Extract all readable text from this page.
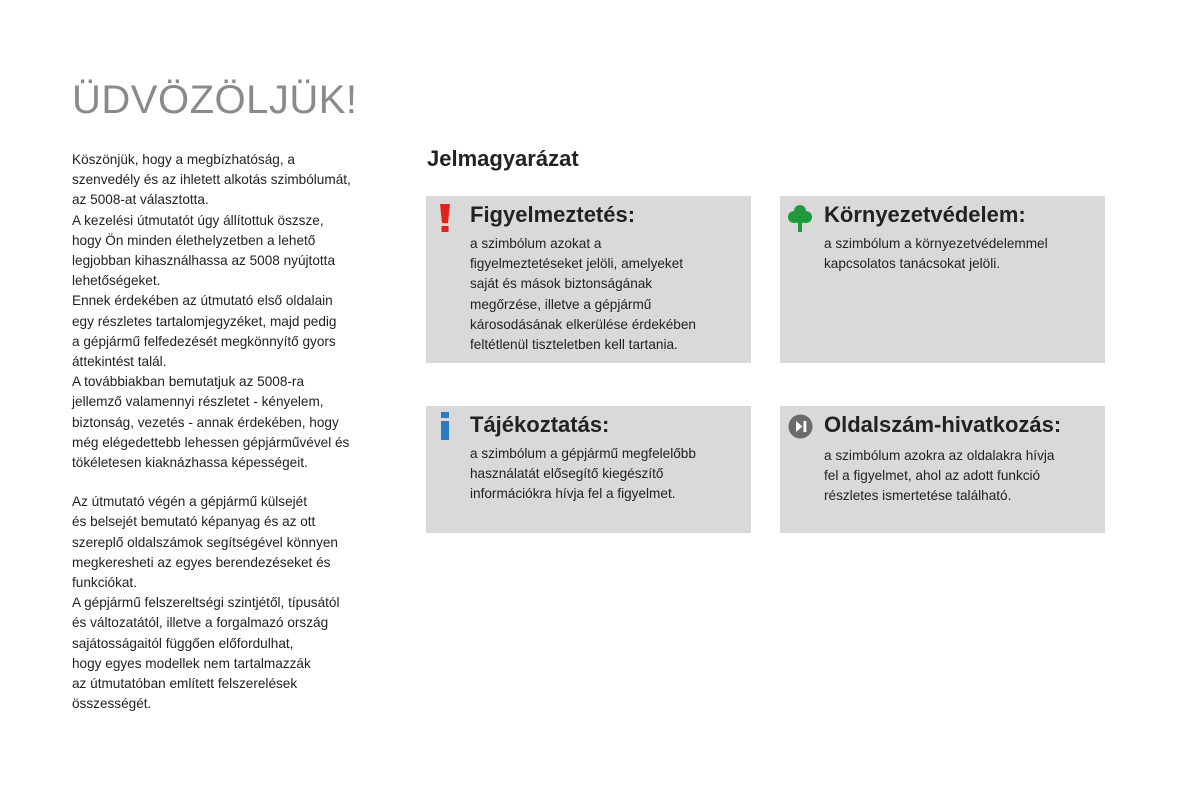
ÜDVÖZÖLJÜK!

Köszönjük, hogy a megbízhatóság, a
szenvedély és az ihletett alkotás szimbólumát,
az 5008-at választotta.
A kezelési útmutatót úgy állítottuk öszsze,
hogy Ön minden élethelyzetben a lehető
legjobban kihasználhassa az 5008 nyújtotta
lehetőségeket.
Ennek érdekében az útmutató első oldalain
egy részletes tartalomjegyzéket, majd pedig
a gépjármű felfedezését megkönnyítő gyors
áttekintést talál.
A továbbiakban bemutatjuk az 5008-ra
jellemző valamennyi részletet - kényelem,
biztonság, vezetés - annak érdekében, hogy
még elégedettebb lehessen gépjárművével és
tökéletesen kiaknázhassa képességeit.

Az útmutató végén a gépjármű külsejét
és belsejét bemutató képanyag és az ott
szereplő oldalszámok segítségével könnyen
megkeresheti az egyes berendezéseket és
funkciókat.
A gépjármű felszereltségi szintjétől, típusától
és változatától, illetve a forgalmazó ország
sajátosságaitól függően előfordulhat,
hogy egyes modellek nem tartalmazzák
az útmutatóban említett felszerelések
összességét.

Jelmagyarázat
Figyelmeztetés:

a szimbólum azokat a
figyelmeztetéseket jelöli, amelyeket
saját és mások biztonságának
megőrzése, illetve a gépjármű
károsodásának elkerülése érdekében
feltétlenül tiszteletben kell tartania.

Környezetvédelem:

a szimbólum a környezetvédelemmel
kapcsolatos tanácsokat jelöli.

Tájékoztatás:

a szimbólum a gépjármű megfelelőbb
használatát elősegítő kiegészítő
információkra hívja fel a figyelmet.

Oldalszám-hivatkozás:

a szimbólum azokra az oldalakra hívja
fel a figyelmet, ahol az adott funkció
részletes ismertetése található.
